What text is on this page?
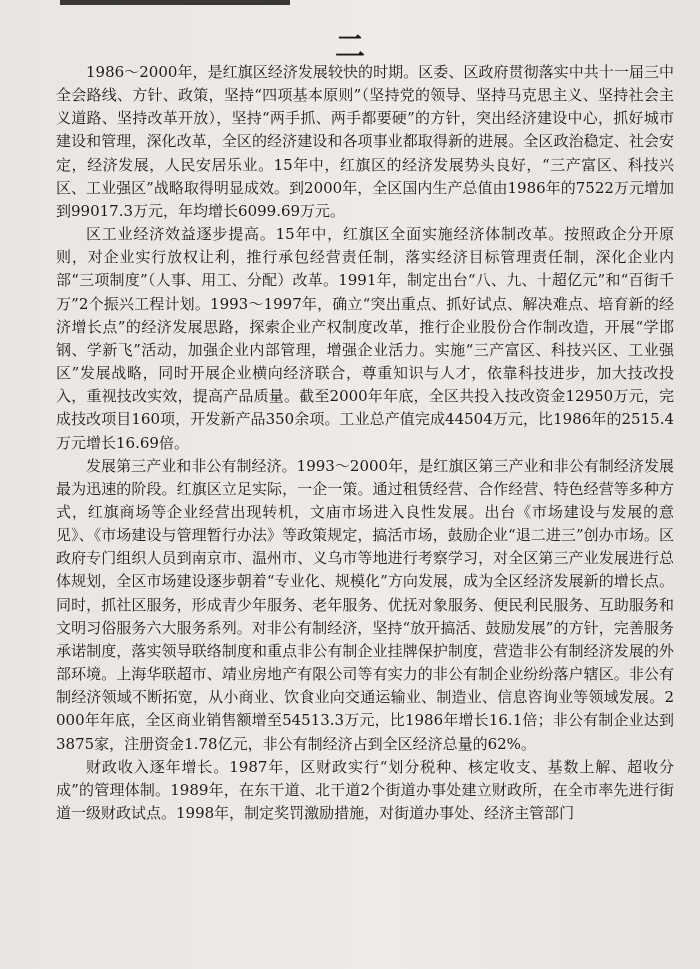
二

1986～2000年，是红旗区经济发展较快的时期。区委、区政府贯彻落实中共十一届三中全会路线、方针、政策，坚持“四项基本原则”（坚持党的领导、坚持马克思主义、坚持社会主义道路、坚持改革开放），坚持“两手抓、两手都要硬”的方针，突出经济建设中心，抓好城市建设和管理，深化改革，全区的经济建设和各项事业都取得新的进展。全区政治稳定、社会安定，经济发展，人民安居乐业。15年中，红旗区的经济发展势头良好，“三产富区、科技兴区、工业强区”战略取得明显成效。到2000年，全区国内生产总值由1986年的7522万元增加到99017.3万元，年均增长6099.69万元。

区工业经济效益逐步提高。15年中，红旗区全面实施经济体制改革。按照政企分开原则，对企业实行放权让利，推行承包经营责任制，落实经济目标管理责任制，深化企业内部“三项制度”（人事、用工、分配）改革。1991年，制定出台“八、九、十超亿元”和“百街千万”2个振兴工程计划。1993～1997年，确立“突出重点、抓好试点、解决难点、培育新的经济增长点”的经济发展思路，探索企业产权制度改革，推行企业股份合作制改造，开展“学邯钢、学新飞”活动，加强企业内部管理，增强企业活力。实施“三产富区、科技兴区、工业强区”发展战略，同时开展企业横向经济联合，尊重知识与人才，依靠科技进步，加大技改投入，重视技改实效，提高产品质量。截至2000年年底，全区共投入技改资金12950万元，完成技改项目160项，开发新产品350余项。工业总产值完成44504万元，比1986年的2515.4万元增长16.69倍。

发展第三产业和非公有制经济。1993～2000年，是红旗区第三产业和非公有制经济发展最为迅速的阶段。红旗区立足实际，一企一策。通过租赁经营、合作经营、特色经营等多种方式，红旗商场等企业经营出现转机，文庙市场进入良性发展。出台《市场建设与发展的意见》、《市场建设与管理暂行办法》等政策规定，搞活市场，鼓励企业“退二进三”创办市场。区政府专门组织人员到南京市、温州市、义乌市等地进行考察学习，对全区第三产业发展进行总体规划，全区市场建设逐步朝着“专业化、规模化”方向发展，成为全区经济发展新的增长点。同时，抓社区服务，形成青少年服务、老年服务、优抚对象服务、便民利民服务、互助服务和文明习俗服务六大服务系列。对非公有制经济，坚持“放开搞活、鼓励发展”的方针，完善服务承诺制度，落实领导联络制度和重点非公有制企业挂牌保护制度，营造非公有制经济发展的外部环境。上海华联超市、靖业房地产有限公司等有实力的非公有制企业纷纷落户辖区。非公有制经济领域不断拓宽，从小商业、饮食业向交通运输业、制造业、信息咨询业等领域发展。2000年年底，全区商业销售额增至54513.3万元，比1986年增长16.1倍；非公有制企业达到3875家，注册资金1.78亿元，非公有制经济占到全区经济总量的62%。

财政收入逐年增长。1987年，区财政实行“划分税种、核定收支、基数上解、超收分成”的管理体制。1989年，在东干道、北干道2个街道办事处建立财政所，在全市率先进行街道一级财政试点。1998年，制定奖罚激励措施，对街道办事处、经济主管部门
